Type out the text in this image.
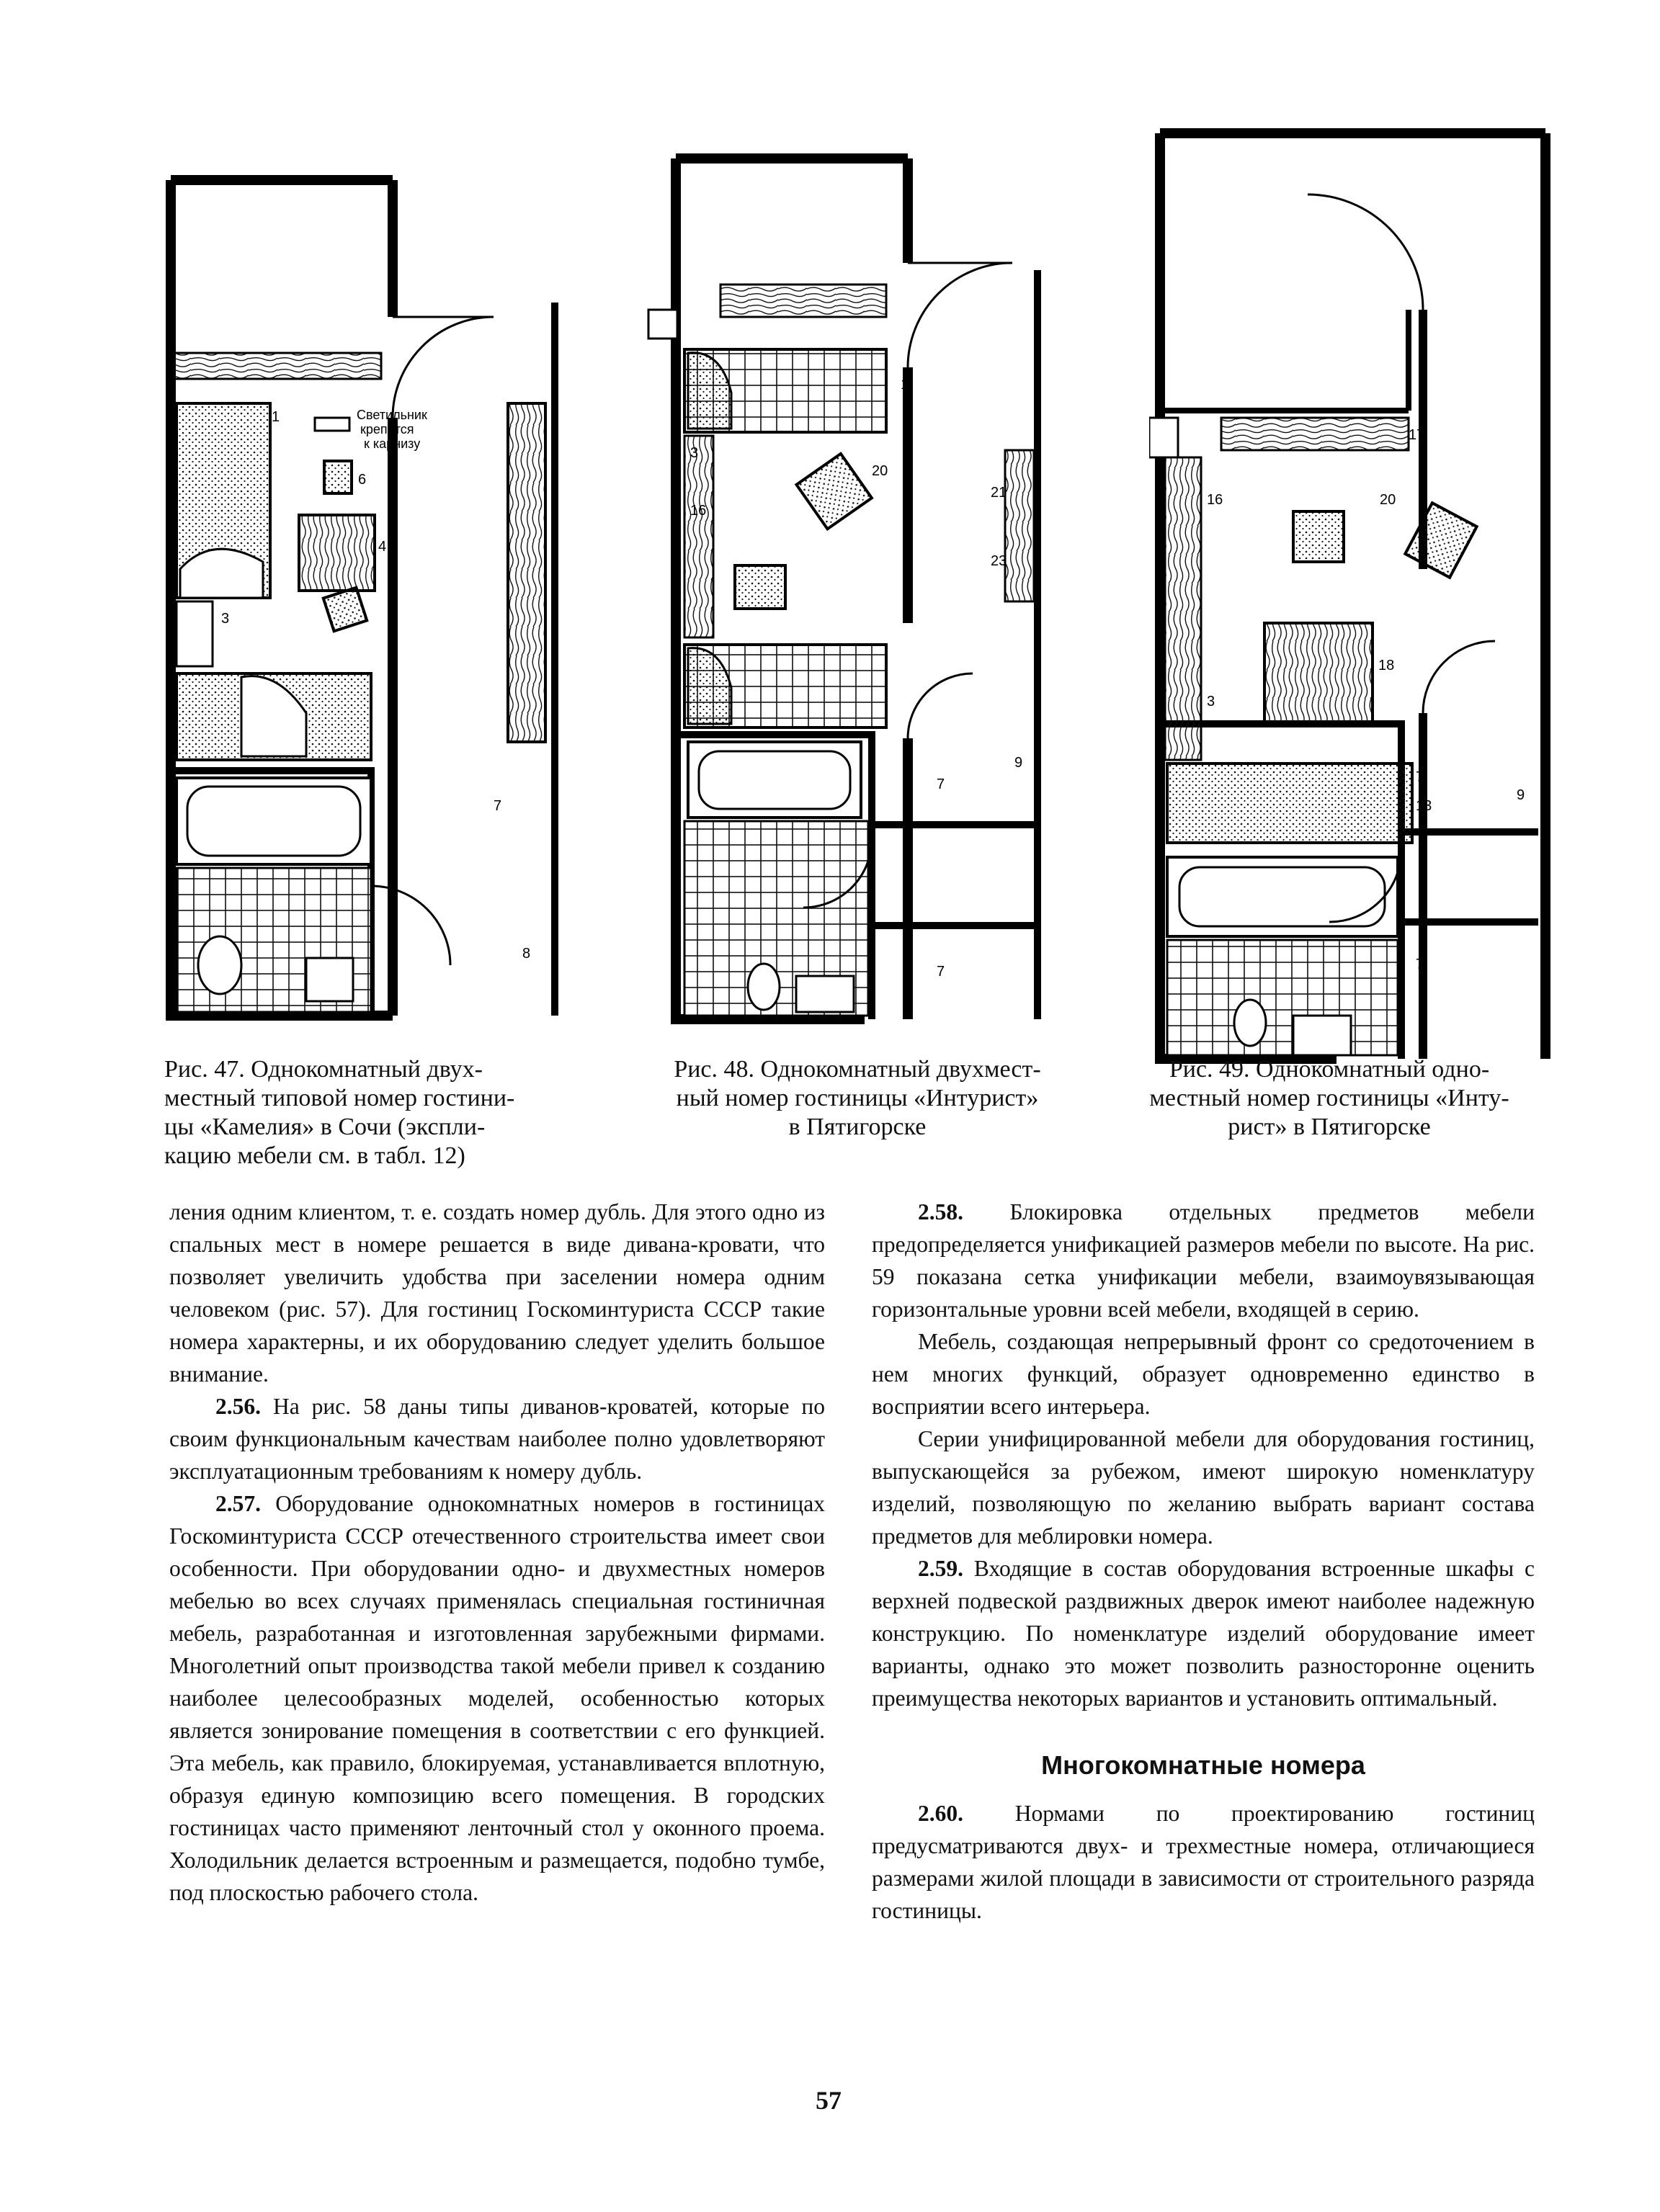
Светильник
крепится
к карнизу
1
6
4
3
7
8
1
3
16
20
21
23
7
9
7
17
16	20
18
3
13
7
9
7
Рис. 47. Однокомнатный двух-
местный типовой номер гостини-
цы «Камелия» в Сочи (экспли-
кацию мебели см. в табл. 12)
Рис. 48. Однокомнатный двухмест-
ный номер гостиницы «Интурист»
в Пятигорске
Рис. 49. Однокомнатный одно-
местный номер гостиницы «Инту-
рист» в Пятигорске

ления одним клиентом, т. е. создать номер дубль. Для этого одно из спальных мест в номере решается в виде дивана-кровати, что позволяет увеличить удобства при заселении номера одним человеком (рис. 57). Для гостиниц Госкоминтуриста СССР такие номера характерны, и их оборудованию следует уделить большое внимание.

2.56. На рис. 58 даны типы диванов-кроватей, которые по своим функциональным качествам наиболее полно удовлетворяют эксплуатационным требованиям к номеру дубль.

2.57. Оборудование однокомнатных номеров в гостиницах Госкоминтуриста СССР отечественного строительства имеет свои особенности. При оборудовании одно- и двухместных номеров мебелью во всех случаях применялась специальная гостиничная мебель, разработанная и изготовленная зарубежными фирмами. Многолетний опыт производства такой мебели привел к созданию наиболее целесообразных моделей, особенностью которых является зонирование помещения в соответствии с его функцией. Эта мебель, как правило, блокируемая, устанавливается вплотную, образуя единую композицию всего помещения. В городских гостиницах часто применяют ленточный стол у оконного проема. Холодильник делается встроенным и размещается, подобно тумбе, под плоскостью рабочего стола.

2.58. Блокировка отдельных предметов мебели предопределяется унификацией размеров мебели по высоте. На рис. 59 показана сетка унификации мебели, взаимоувязывающая горизонтальные уровни всей мебели, входящей в серию.

Мебель, создающая непрерывный фронт со средоточением в нем многих функций, образует одновременно единство в восприятии всего интерьера.

Серии унифицированной мебели для оборудования гостиниц, выпускающейся за рубежом, имеют широкую номенклатуру изделий, позволяющую по желанию выбрать вариант состава предметов для меблировки номера.

2.59. Входящие в состав оборудования встроенные шкафы с верхней подвеской раздвижных дверок имеют наиболее надежную конструкцию. По номенклатуре изделий оборудование имеет варианты, однако это может позволить разносторонне оценить преимущества некоторых вариантов и установить оптимальный.

Многокомнатные номера

2.60. Нормами по проектированию гостиниц предусматриваются двух- и трехместные номера, отличающиеся размерами жилой площади в зависимости от строительного разряда гостиницы.

57
